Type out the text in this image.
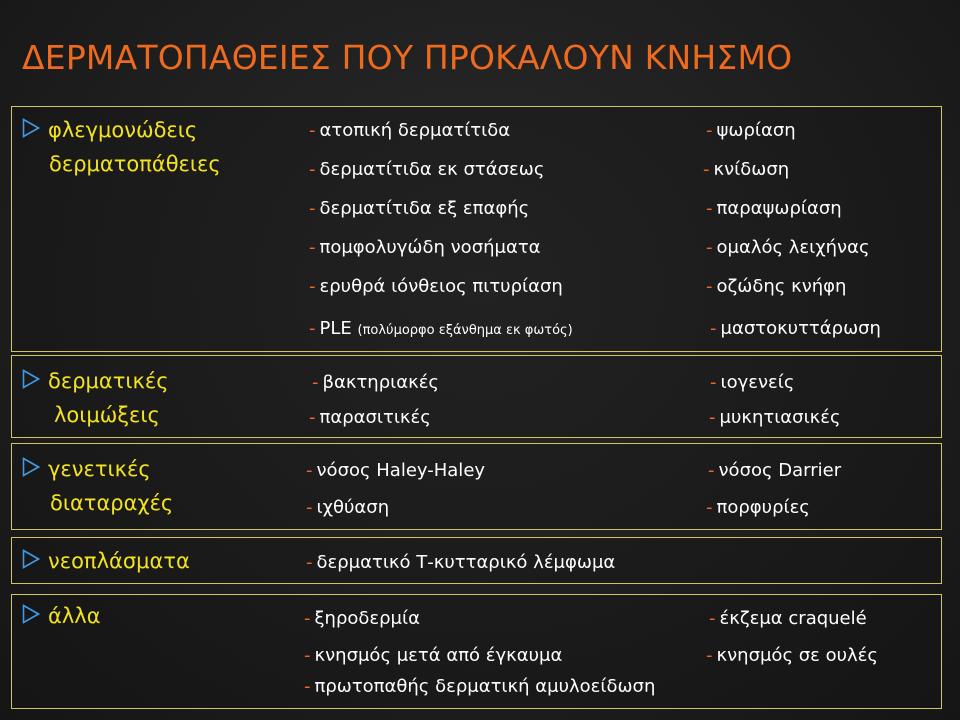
ΔΕΡΜΑΤΟΠΑΘΕΙΕΣ ΠΟΥ ΠΡΟΚΑΛΟΥΝ ΚΝΗΣΜΟ
φλεγμονώδεις
δερματοπάθειες
- ατοπική δερματίτιδα
- δερματίτιδα εκ στάσεως
- δερματίτιδα εξ επαφής
- πομφολυγώδη νοσήματα
- ερυθρά ιόνθειος πιτυρίαση
- PLE (πολύμορφο εξάνθημα εκ φωτός)
- ψωρίαση
- κνίδωση
- παραψωρίαση
- ομαλός λειχήνας
- οζώδης κνήφη
- μαστοκυττάρωση
δερματικές
λοιμώξεις
- βακτηριακές
- παρασιτικές
- ιογενείς
- μυκητιασικές
γενετικές
διαταραχές
- νόσος Haley-Haley
- ιχθύαση
- νόσος Darrier
- πορφυρίες
νεοπλάσματα	- δερματικό Τ-κυτταρικό λέμφωμα
άλλα	- ξηροδερμία
- κνησμός μετά από έγκαυμα
- πρωτοπαθής δερματική αμυλοείδωση
- έκζεμα craquelé
- κνησμός σε ουλές
